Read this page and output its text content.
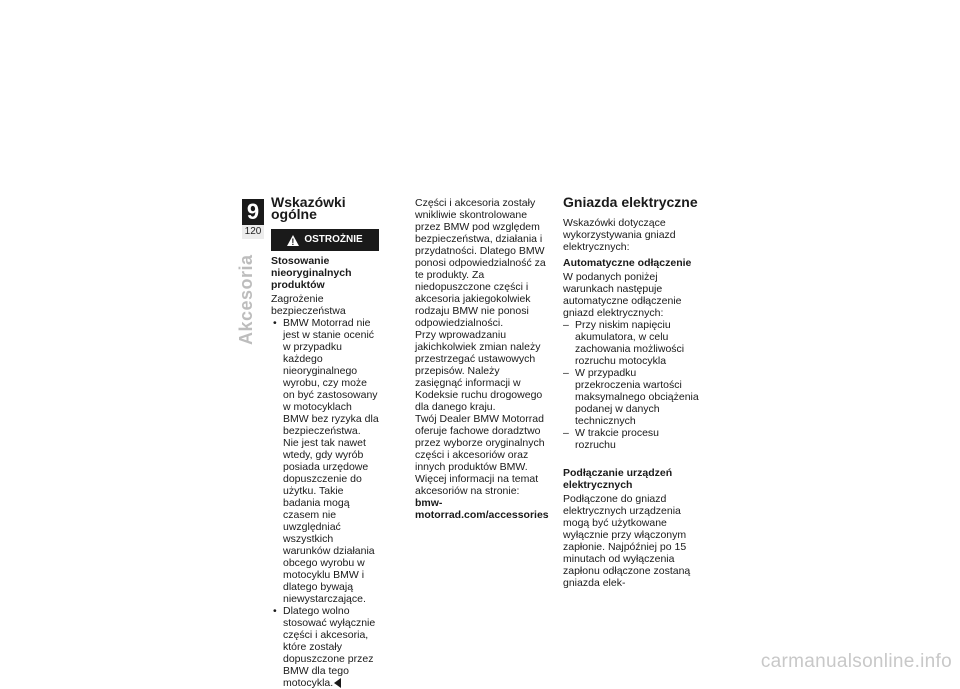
9
120
Akcesoria
Wskazówki ogólne
!
OSTROŻNIE
Stosowanie nieoryginalnych produktów

Zagrożenie bezpieczeństwa

• BMW Motorrad nie jest w stanie ocenić w przypadku każdego nieoryginalnego wyrobu, czy może on być zastosowany w motocyklach BMW bez ryzyka dla bezpieczeństwa. Nie jest tak nawet wtedy, gdy wyrób posiada urzędowe dopuszczenie do użytku. Takie badania mogą czasem nie uwzględniać wszystkich warunków działania obcego wyrobu w motocyklu BMW i dlatego bywają niewystarczające.
• Dlatego wolno stosować wyłącznie części i akcesoria, które zostały dopuszczone przez BMW dla tego motocykla.

Części i akcesoria zostały wnikliwie skontrolowane przez BMW pod względem bezpieczeństwa, działania i przydatności. Dlatego BMW ponosi odpowiedzialność za te produkty. Za niedopuszczone części i akcesoria jakiegokolwiek rodzaju BMW nie ponosi odpowiedzialności.

Przy wprowadzaniu jakichkolwiek zmian należy przestrzegać ustawowych przepisów. Należy zasięgnąć informacji w Kodeksie ruchu drogowego dla danego kraju.

Twój Dealer BMW Motorrad oferuje fachowe doradztwo przez wyborze oryginalnych części i akcesoriów oraz innych produktów BMW.

Więcej informacji na temat akcesoriów na stronie:

bmw-motorrad.com/accessories

Gniazda elektryczne

Wskazówki dotyczące wykorzystywania gniazd elektrycznych:

Automatyczne odłączenie

W podanych poniżej warunkach następuje automatyczne odłączenie gniazd elektrycznych:

– Przy niskim napięciu akumulatora, w celu zachowania możliwości rozruchu motocykla
– W przypadku przekroczenia wartości maksymalnego obciążenia podanej w danych technicznych
– W trakcie procesu rozruchu
Podłączanie urządzeń elektrycznych

Podłączone do gniazd elektrycznych urządzenia mogą być użytkowane wyłącznie przy włączonym zapłonie. Najpóźniej po 15 minutach od wyłączenia zapłonu odłączone zostaną gniazda elek-

carmanualsonline.info
